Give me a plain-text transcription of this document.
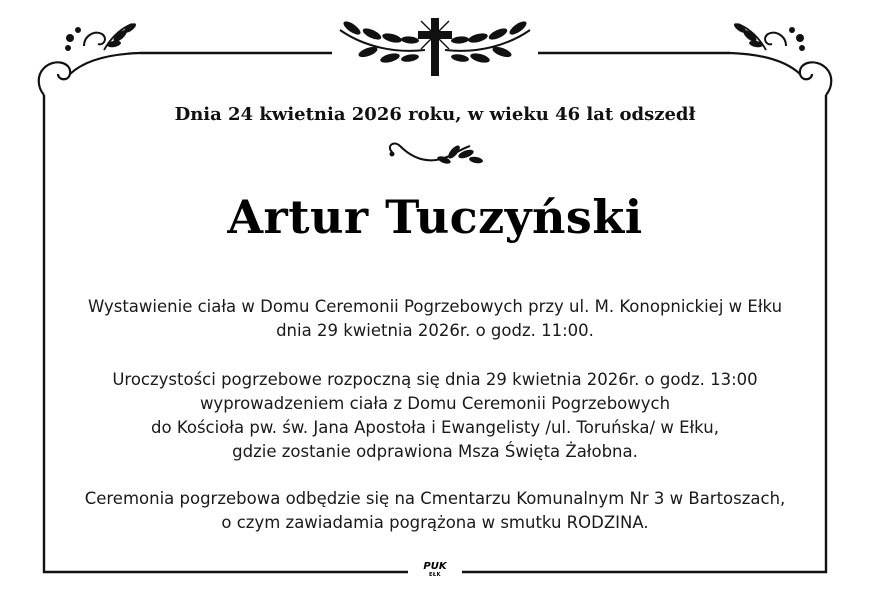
Dnia 24 kwietnia 2026 roku, w wieku 46 lat odszedł
Artur Tuczyński
Wystawienie ciała w Domu Ceremonii Pogrzebowych przy ul. M. Konopnickiej w Ełku
dnia 29 kwietnia 2026r. o godz. 11:00.
Uroczystości pogrzebowe rozpoczną się dnia 29 kwietnia 2026r. o godz. 13:00
wyprowadzeniem ciała z Domu Ceremonii Pogrzebowych
do Kościoła pw. św. Jana Apostoła i Ewangelisty /ul. Toruńska/ w Ełku,
gdzie zostanie odprawiona Msza Święta Żałobna.
Ceremonia pogrzebowa odbędzie się na Cmentarzu Komunalnym Nr 3 w Bartoszach,
o czym zawiadamia pogrążona w smutku RODZINA.
PUK
EŁK
